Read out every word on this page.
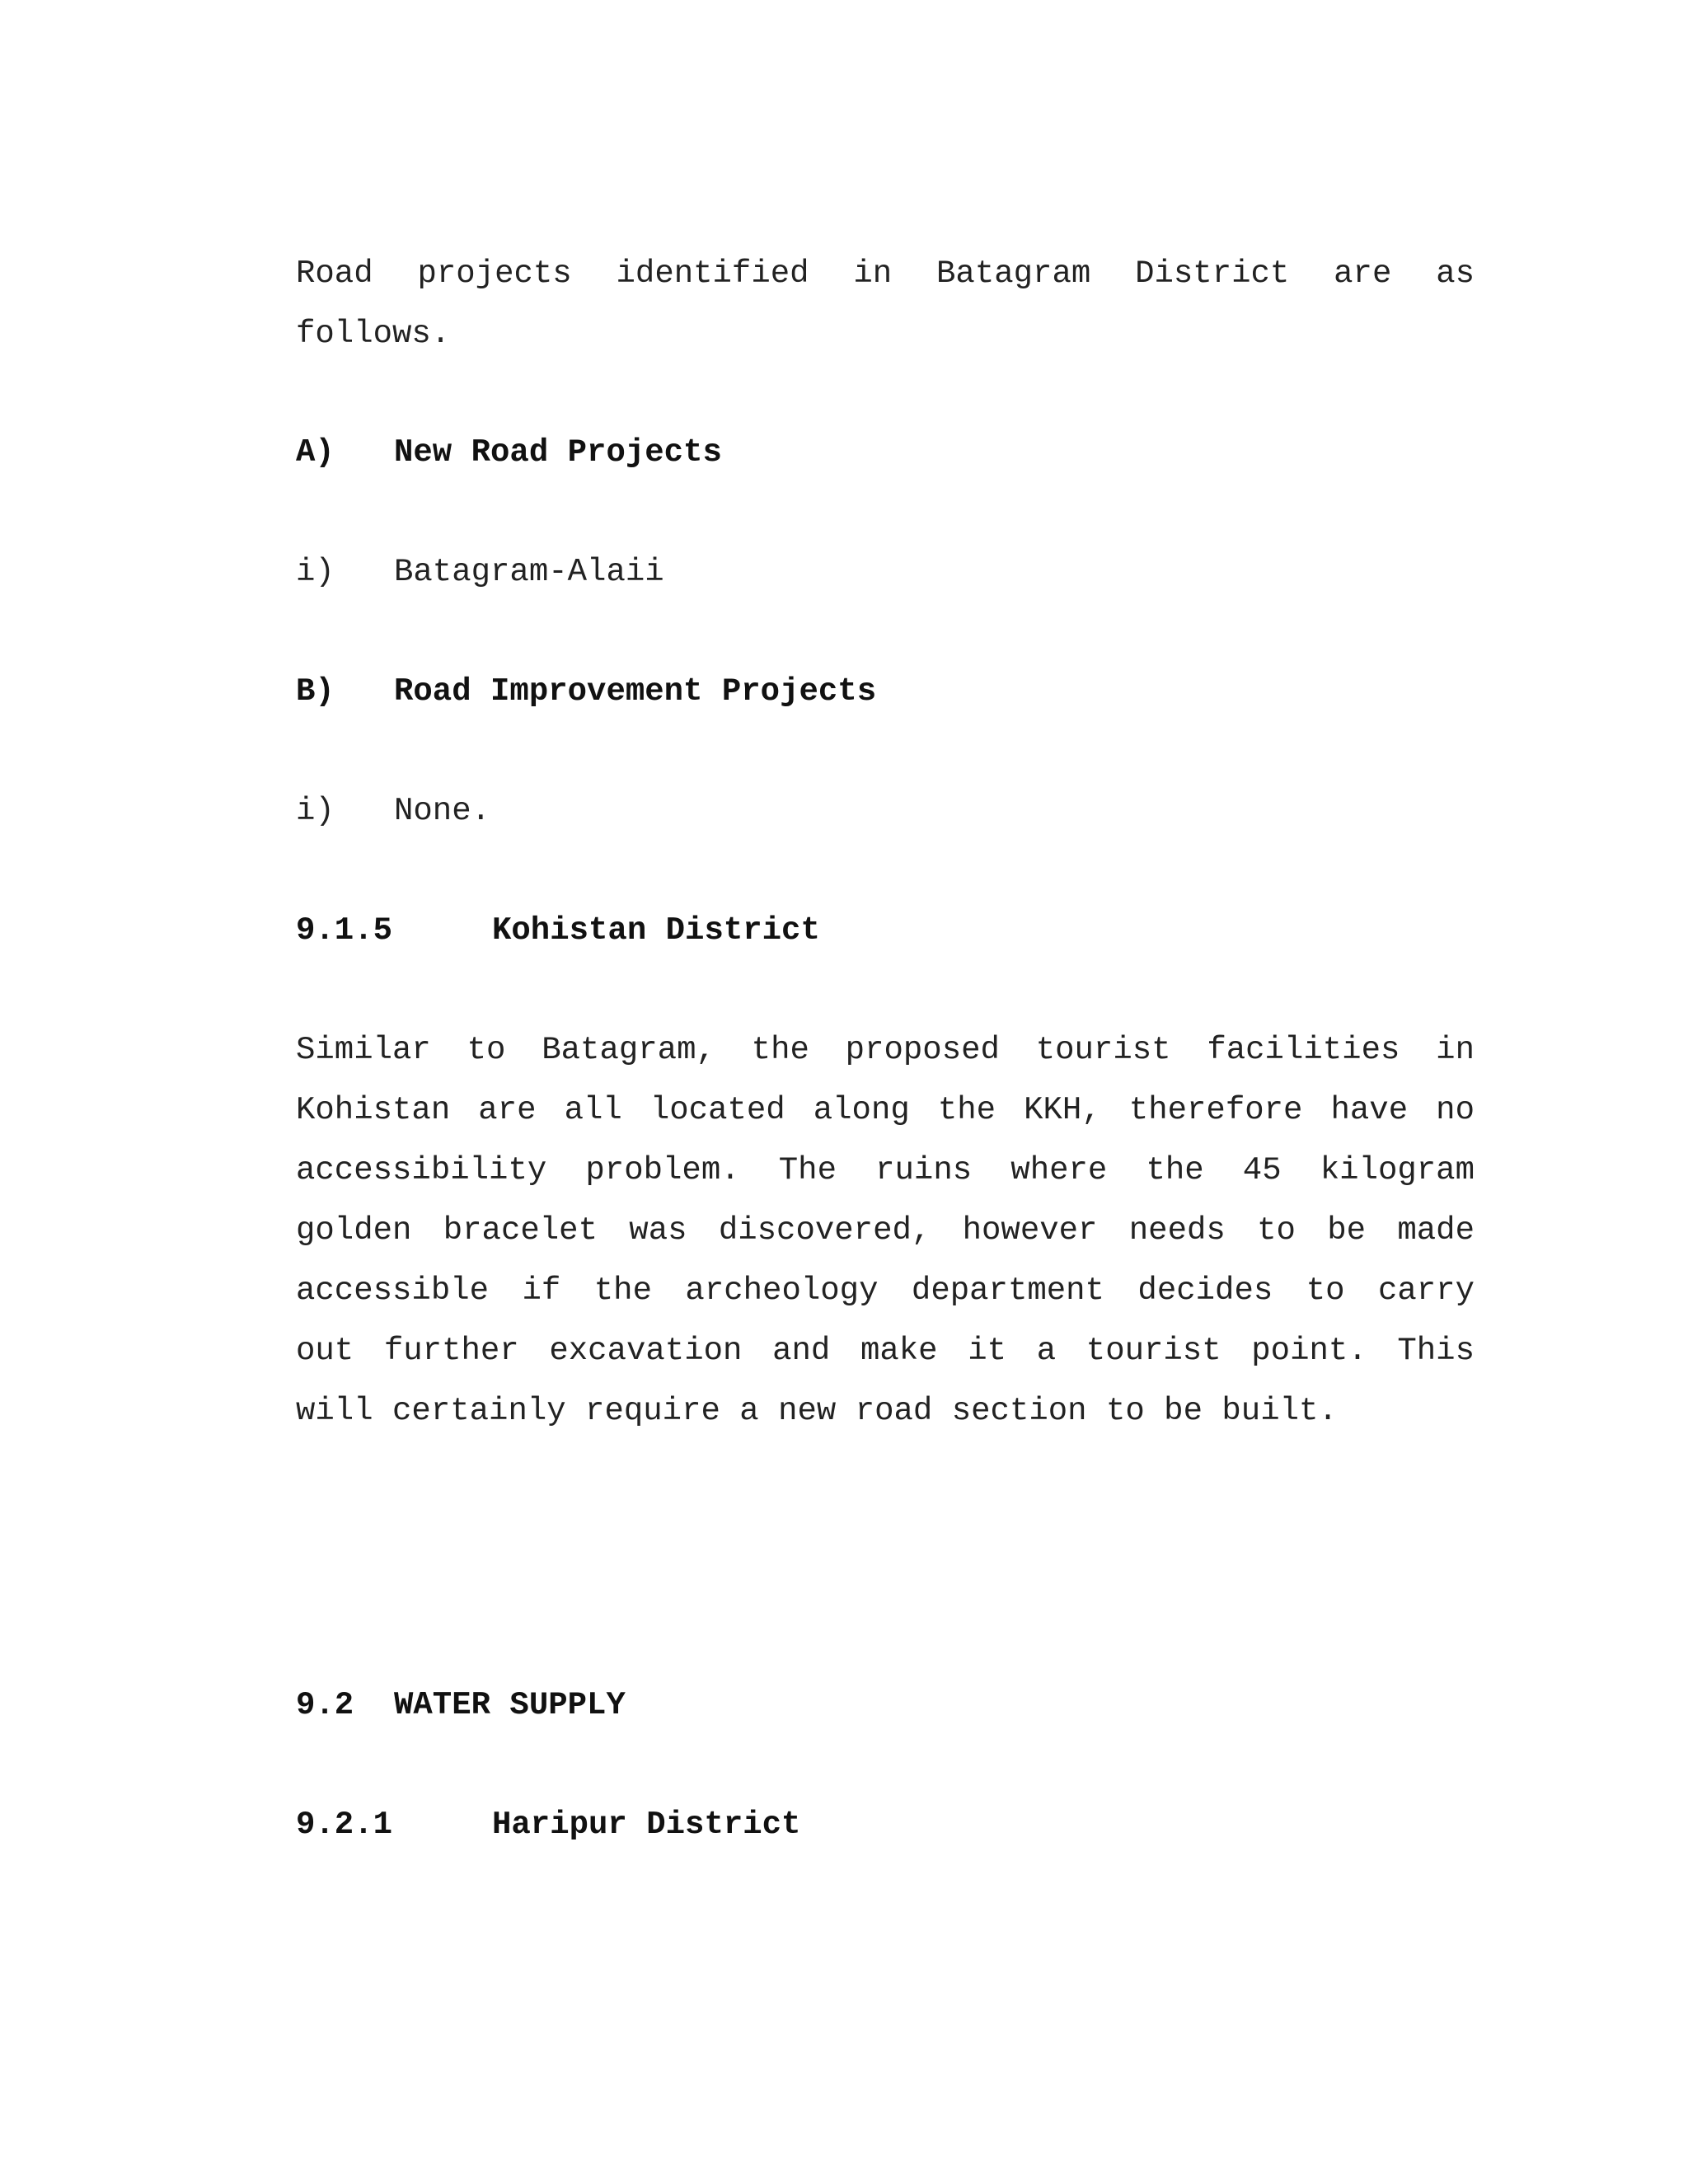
Road projects identified in Batagram District are as
follows.
A) New Road Projects
i) Batagram-Alaii
B) Road Improvement Projects
i) None.
9.1.5	Kohistan District
Similar to Batagram, the proposed tourist facilities in
Kohistan are all located along the KKH, therefore have no
accessibility problem. The ruins where the 45 kilogram
golden bracelet was discovered, however needs to be made
accessible if the archeology department decides to carry
out further excavation and make it a tourist point. This
will certainly require a new road section to be built.
9.2 WATER SUPPLY
9.2.1	Haripur District
